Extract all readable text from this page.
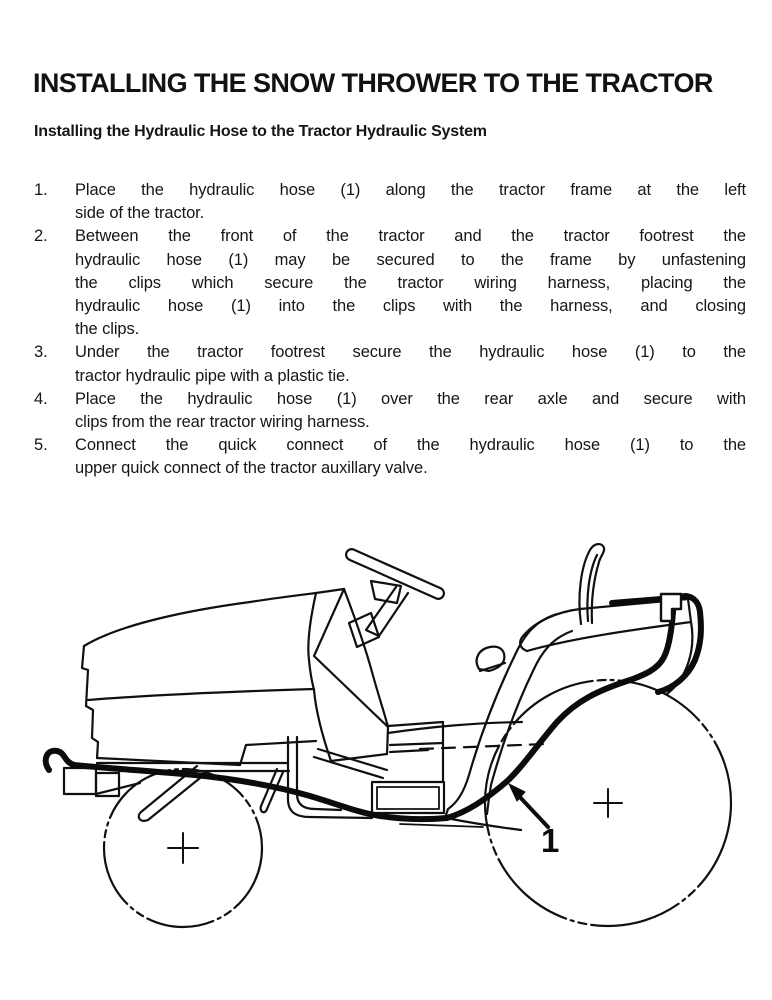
INSTALLING THE SNOW THROWER TO THE TRACTOR
Installing the Hydraulic Hose to the Tractor Hydraulic System
1.	Place the hydraulic hose (1) along the tractor frame at the left
side of the tractor.
2.	Between the front of the tractor and the tractor footrest the
hydraulic hose (1) may be secured to the frame by unfastening
the clips which secure the tractor wiring harness, placing the
hydraulic hose (1) into the clips with the harness, and closing
the clips.
3.	Under the tractor footrest secure the hydraulic hose (1) to the
tractor hydraulic pipe with a plastic tie.
4.	Place the hydraulic hose (1) over the rear axle and secure with
clips from the rear tractor wiring harness.
5.	Connect the quick connect of the hydraulic hose (1) to the
upper quick connect of the tractor auxillary valve.
1
